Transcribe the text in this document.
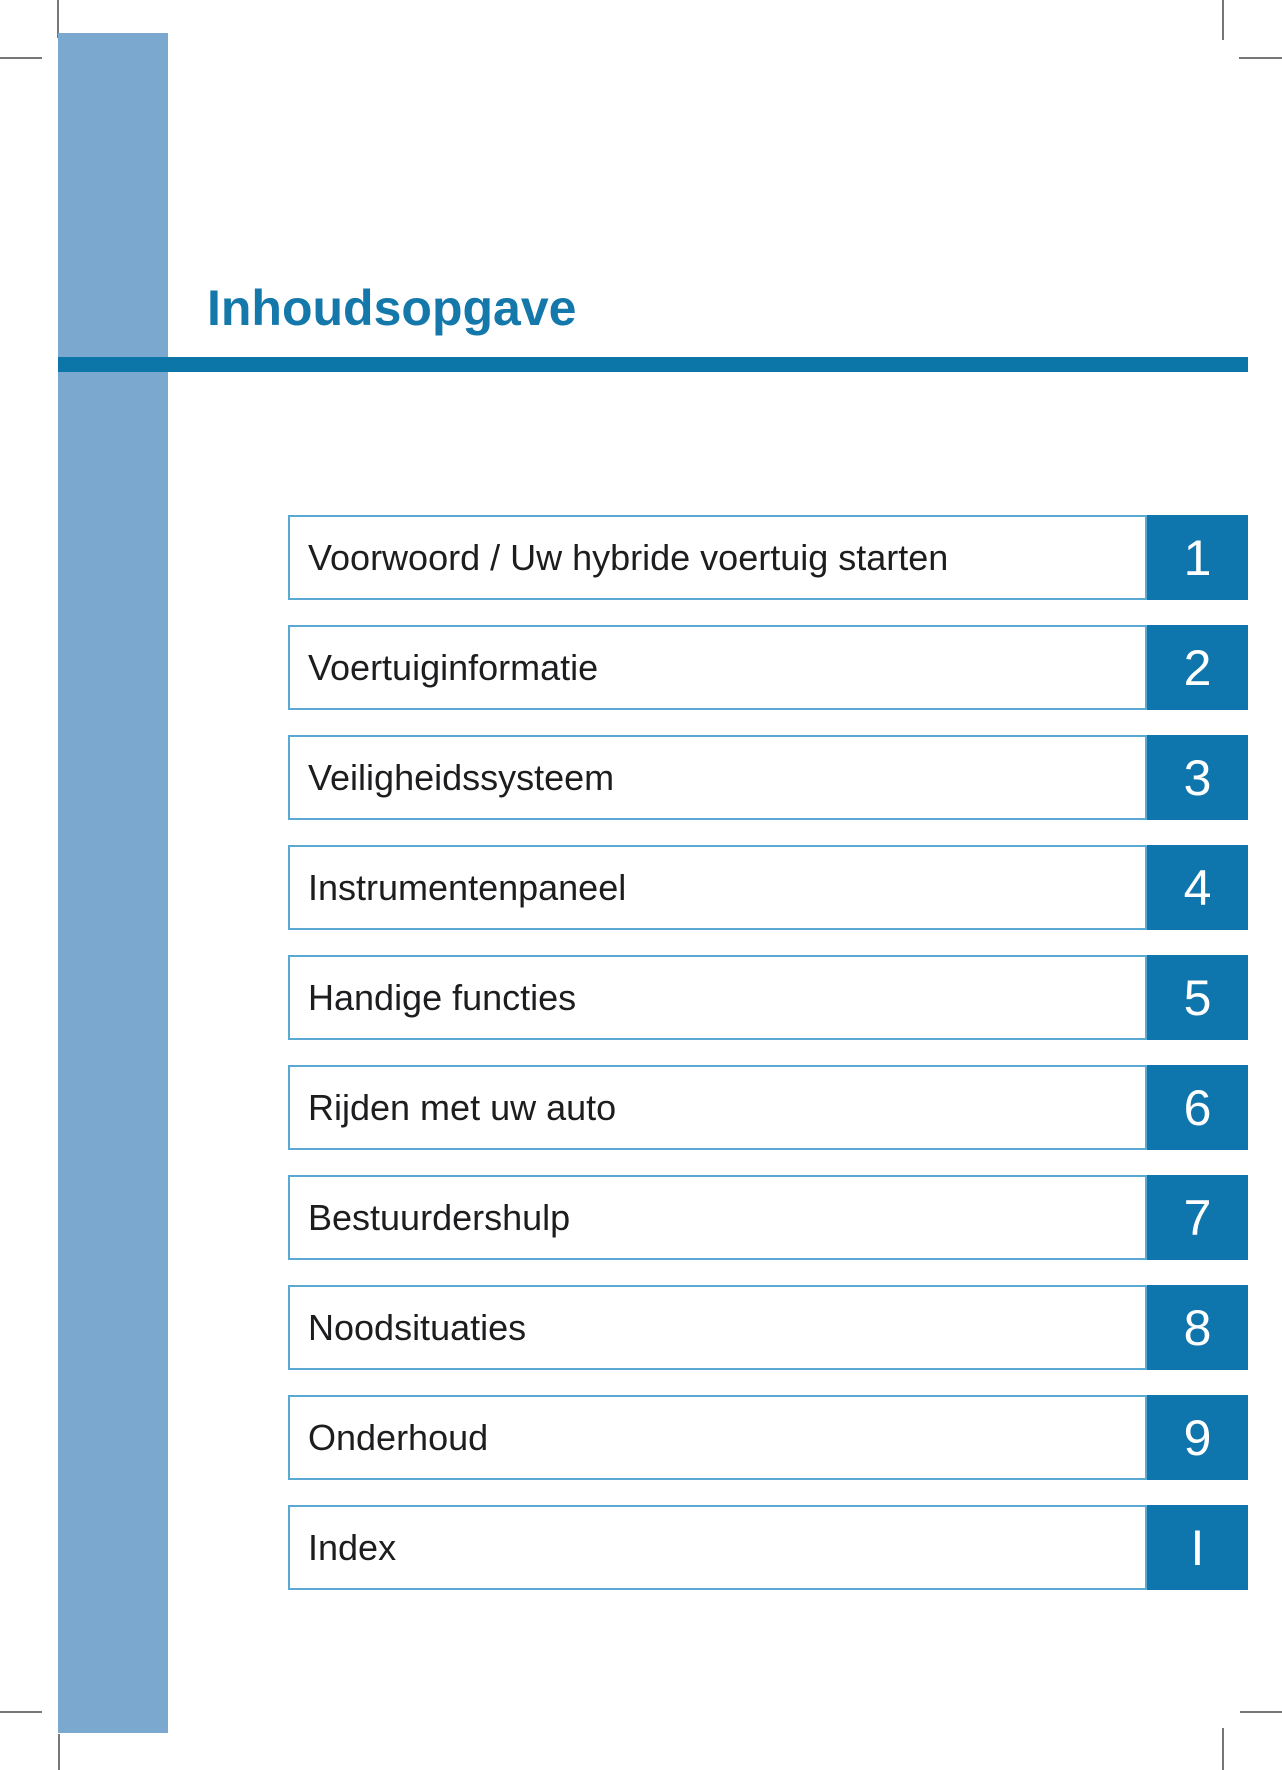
Inhoudsopgave
Voorwoord / Uw hybride voertuig starten	1
Voertuiginformatie	2
Veiligheidssysteem	3
Instrumentenpaneel	4
Handige functies	5
Rijden met uw auto	6
Bestuurdershulp	7
Noodsituaties	8
Onderhoud	9
Index	I
